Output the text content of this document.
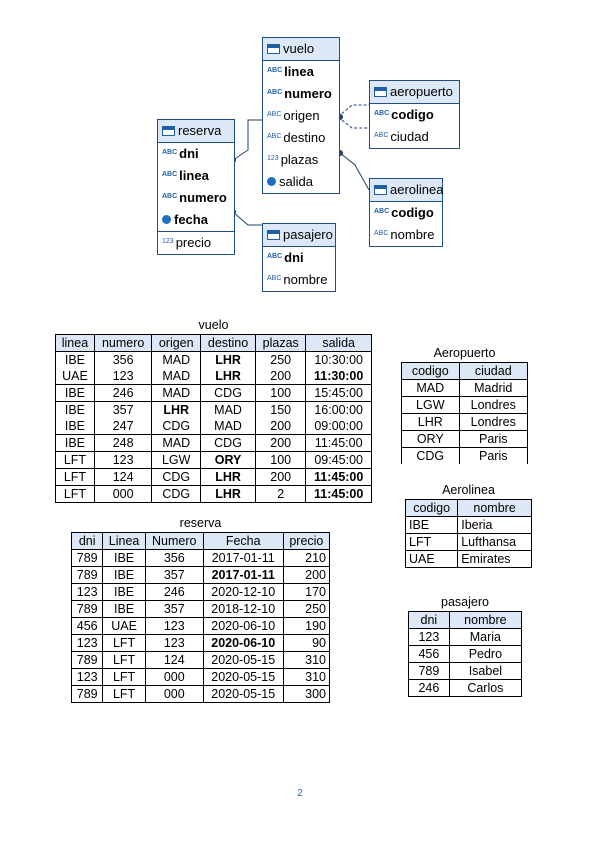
vuelo
$^{ABC}$ linea
$^{ABC}$ numero
$^{ABC}$ origen
$^{ABC}$ destino
$^{123}$ plazas
salida
aeropuerto
$^{ABC}$ codigo
$^{ABC}$ ciudad
aerolinea
$^{ABC}$ codigo
$^{ABC}$ nombre
reserva
$^{ABC}$ dni
$^{ABC}$ linea
$^{ABC}$ numero
fecha
$^{123}$ precio
pasajero
$^{ABC}$ dni
$^{ABC}$ nombre
vuelo
linea	numero	origen	destino	plazas	salida
IBE	356	MAD	LHR	250	10:30:00
UAE	123	MAD	LHR	200	11:30:00
IBE	246	MAD	CDG	100	15:45:00
IBE	357	LHR	MAD	150	16:00:00
IBE	247	CDG	MAD	200	09:00:00
IBE	248	MAD	CDG	200	11:45:00
LFT	123	LGW	ORY	100	09:45:00
LFT	124	CDG	LHR	200	11:45:00
LFT	000	CDG	LHR	2	11:45:00
Aeropuerto
codigo	ciudad
MAD	Madrid
LGW	Londres
LHR	Londres
ORY	Paris
CDG	Paris
Aerolinea
codigo	nombre
IBE	Iberia
LFT	Lufthansa
UAE	Emirates
reserva
dni	Linea	Numero	Fecha	precio
789	IBE	356	2017-01-11	210
789	IBE	357	2017-01-11	200
123	IBE	246	2020-12-10	170
789	IBE	357	2018-12-10	250
456	UAE	123	2020-06-10	190
123	LFT	123	2020-06-10	90
789	LFT	124	2020-05-15	310
123	LFT	000	2020-05-15	310
789	LFT	000	2020-05-15	300
pasajero
dni	nombre
123	Maria
456	Pedro
789	Isabel
246	Carlos
2
